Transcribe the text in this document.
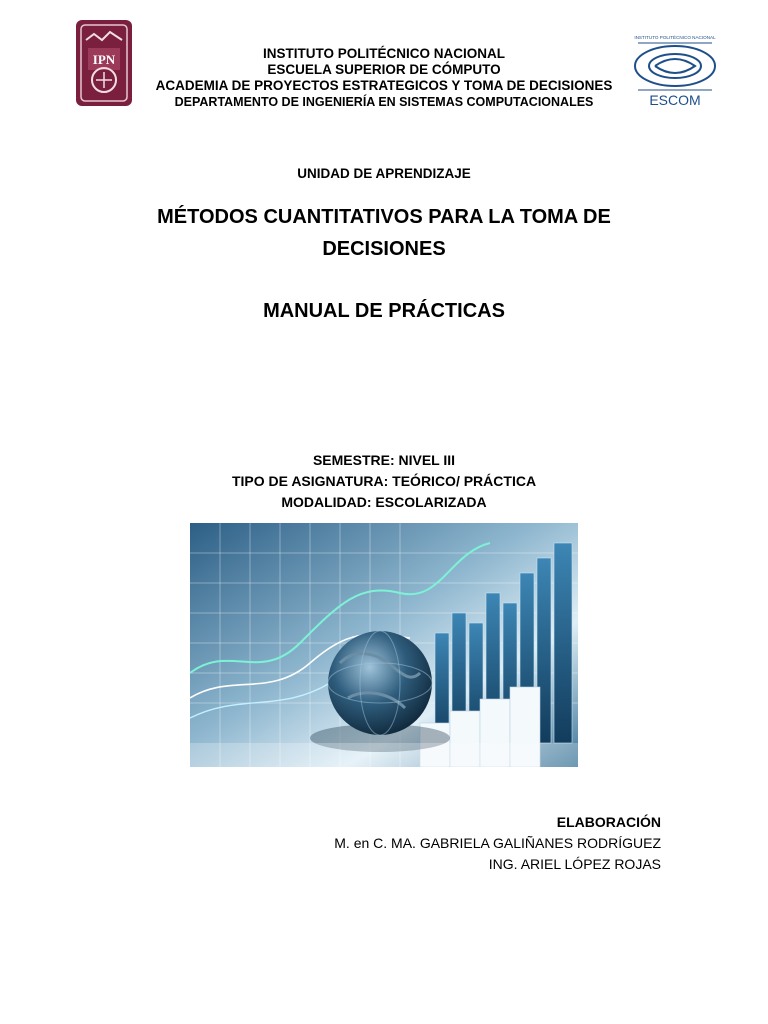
IPN
INSTITUTO POLITÉCNICO NACIONAL
ESCOM
INSTITUTO POLITÉCNICO NACIONAL
ESCUELA SUPERIOR DE CÓMPUTO
ACADEMIA DE PROYECTOS ESTRATEGICOS Y TOMA DE DECISIONES
DEPARTAMENTO DE INGENIERÍA EN SISTEMAS COMPUTACIONALES
UNIDAD DE APRENDIZAJE
MÉTODOS CUANTITATIVOS PARA LA TOMA DE
DECISIONES
MANUAL DE PRÁCTICAS
SEMESTRE: NIVEL III
TIPO DE ASIGNATURA: TEÓRICO/ PRÁCTICA
MODALIDAD: ESCOLARIZADA
ELABORACIÓN
M. en C. MA. GABRIELA GALIÑANES RODRÍGUEZ
ING. ARIEL LÓPEZ ROJAS
